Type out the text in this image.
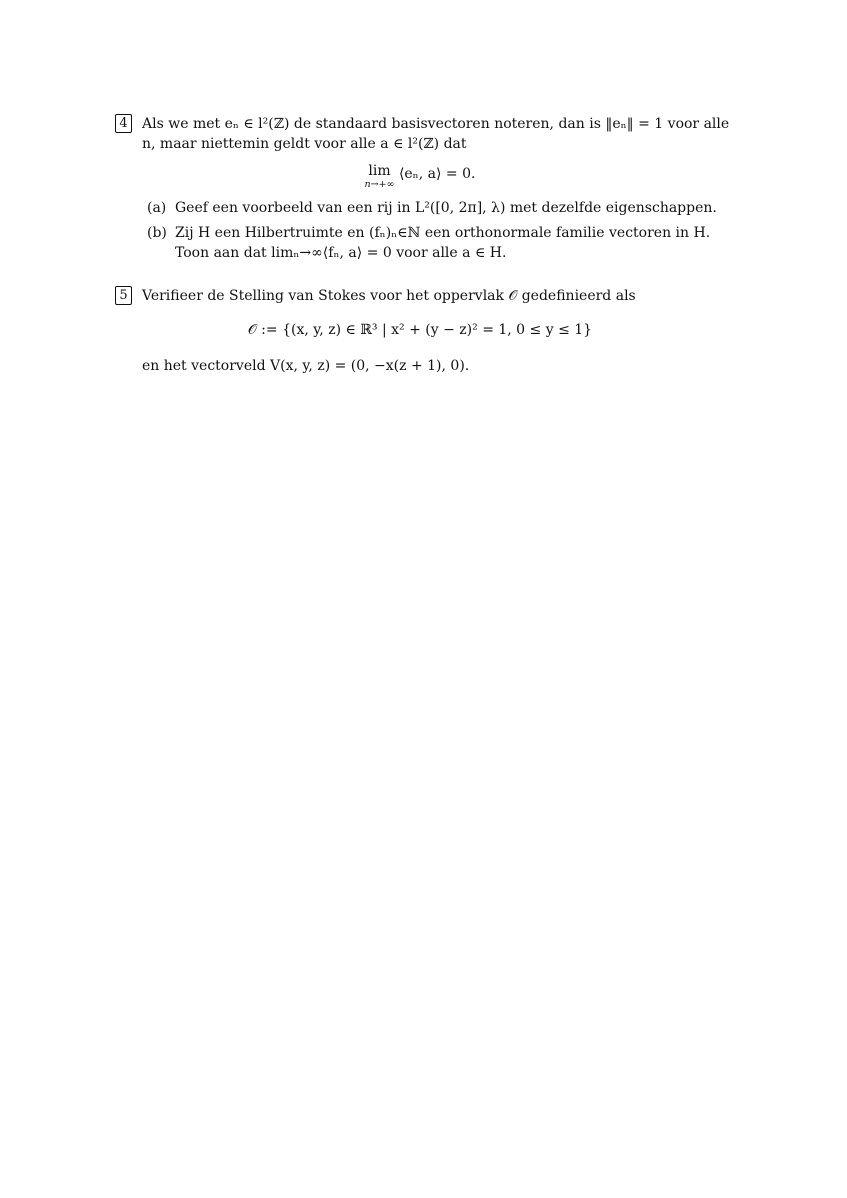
4	Als we met eₙ ∈ l²(ℤ) de standaard basisvectoren noteren, dan is ‖eₙ‖ = 1 voor alle
n, maar niettemin geldt voor alle a ∈ l²(ℤ) dat
lim
n→+∞
⟨eₙ, a⟩ = 0.
(a) Geef een voorbeeld van een rij in L²([0, 2π], λ) met dezelfde eigenschappen.
(b) Zij H een Hilbertruimte en (fₙ)ₙ∈ℕ een orthonormale familie vectoren in H.
Toon aan dat limₙ→∞⟨fₙ, a⟩ = 0 voor alle a ∈ H.
5	Verifieer de Stelling van Stokes voor het oppervlak 𝒪 gedefinieerd als
𝒪 := {(x, y, z) ∈ ℝ³ | x² + (y − z)² = 1, 0 ≤ y ≤ 1}
en het vectorveld V(x, y, z) = (0, −x(z + 1), 0).
